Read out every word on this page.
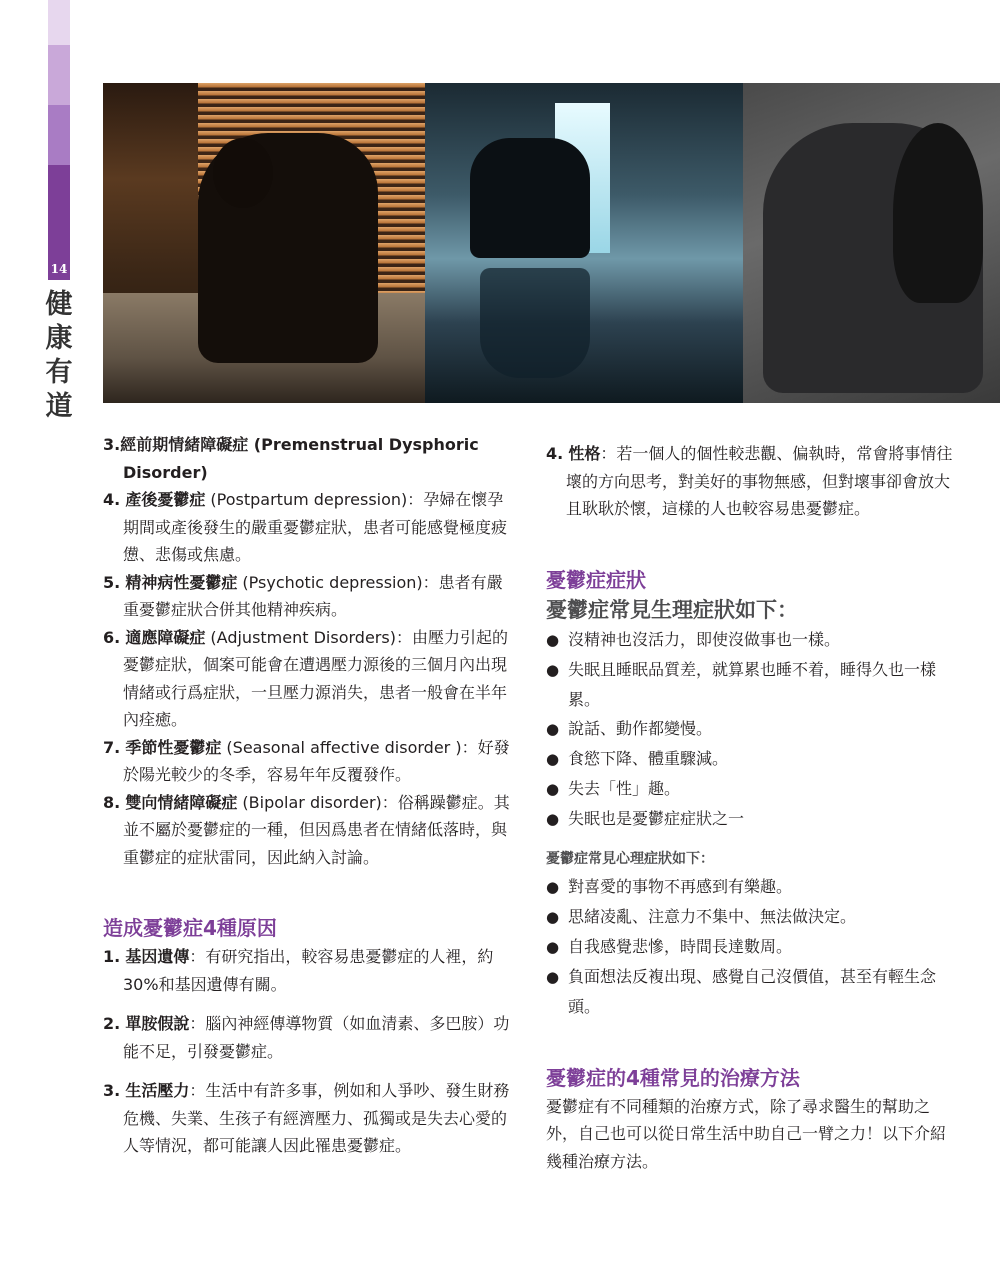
14
健
康
有
道

3.經前期情緒障礙症 (Premenstrual Dysphoric Disorder)

4. 產後憂鬱症 (Postpartum depression)：孕婦在懷孕期間或產後發生的嚴重憂鬱症狀，患者可能感覺極度疲憊、悲傷或焦慮。

5. 精神病性憂鬱症 (Psychotic depression)：患者有嚴重憂鬱症狀合併其他精神疾病。

6. 適應障礙症 (Adjustment Disorders)：由壓力引起的憂鬱症狀，個案可能會在遭遇壓力源後的三個月內出現情緒或行爲症狀，一旦壓力源消失，患者一般會在半年內痊癒。

7. 季節性憂鬱症 (Seasonal affective disorder )：好發於陽光較少的冬季，容易年年反覆發作。

8. 雙向情緒障礙症 (Bipolar disorder)：俗稱躁鬱症。其並不屬於憂鬱症的一種，但因爲患者在情緒低落時，與重鬱症的症狀雷同，因此納入討論。

造成憂鬱症4種原因

1. 基因遺傳：有研究指出，較容易患憂鬱症的人裡，約30%和基因遺傳有關。

2. 單胺假說：腦內神經傳導物質（如血清素、多巴胺）功能不足，引發憂鬱症。

3. 生活壓力：生活中有許多事，例如和人爭吵、發生財務危機、失業、生孩子有經濟壓力、孤獨或是失去心愛的人等情況，都可能讓人因此罹患憂鬱症。

4. 性格：若一個人的個性較悲觀、偏執時，常會將事情往壞的方向思考，對美好的事物無感，但對壞事卻會放大且耿耿於懷，這樣的人也較容易患憂鬱症。

憂鬱症症狀
憂鬱症常見生理症狀如下：

● 沒精神也沒活力，即使沒做事也一樣。

● 失眠且睡眠品質差，就算累也睡不着，睡得久也一樣累。

● 說話、動作都變慢。

● 食慾下降、體重驟減。

● 失去「性」趣。

● 失眠也是憂鬱症症狀之一

憂鬱症常見心理症狀如下：

● 對喜愛的事物不再感到有樂趣。

● 思緒凌亂、注意力不集中、無法做決定。

● 自我感覺悲慘，時間長達數周。

● 負面想法反複出現、感覺自己沒價值，甚至有輕生念頭。

憂鬱症的4種常見的治療方法

憂鬱症有不同種類的治療方式，除了尋求醫生的幫助之外，自己也可以從日常生活中助自己一臂之力！以下介紹幾種治療方法。
